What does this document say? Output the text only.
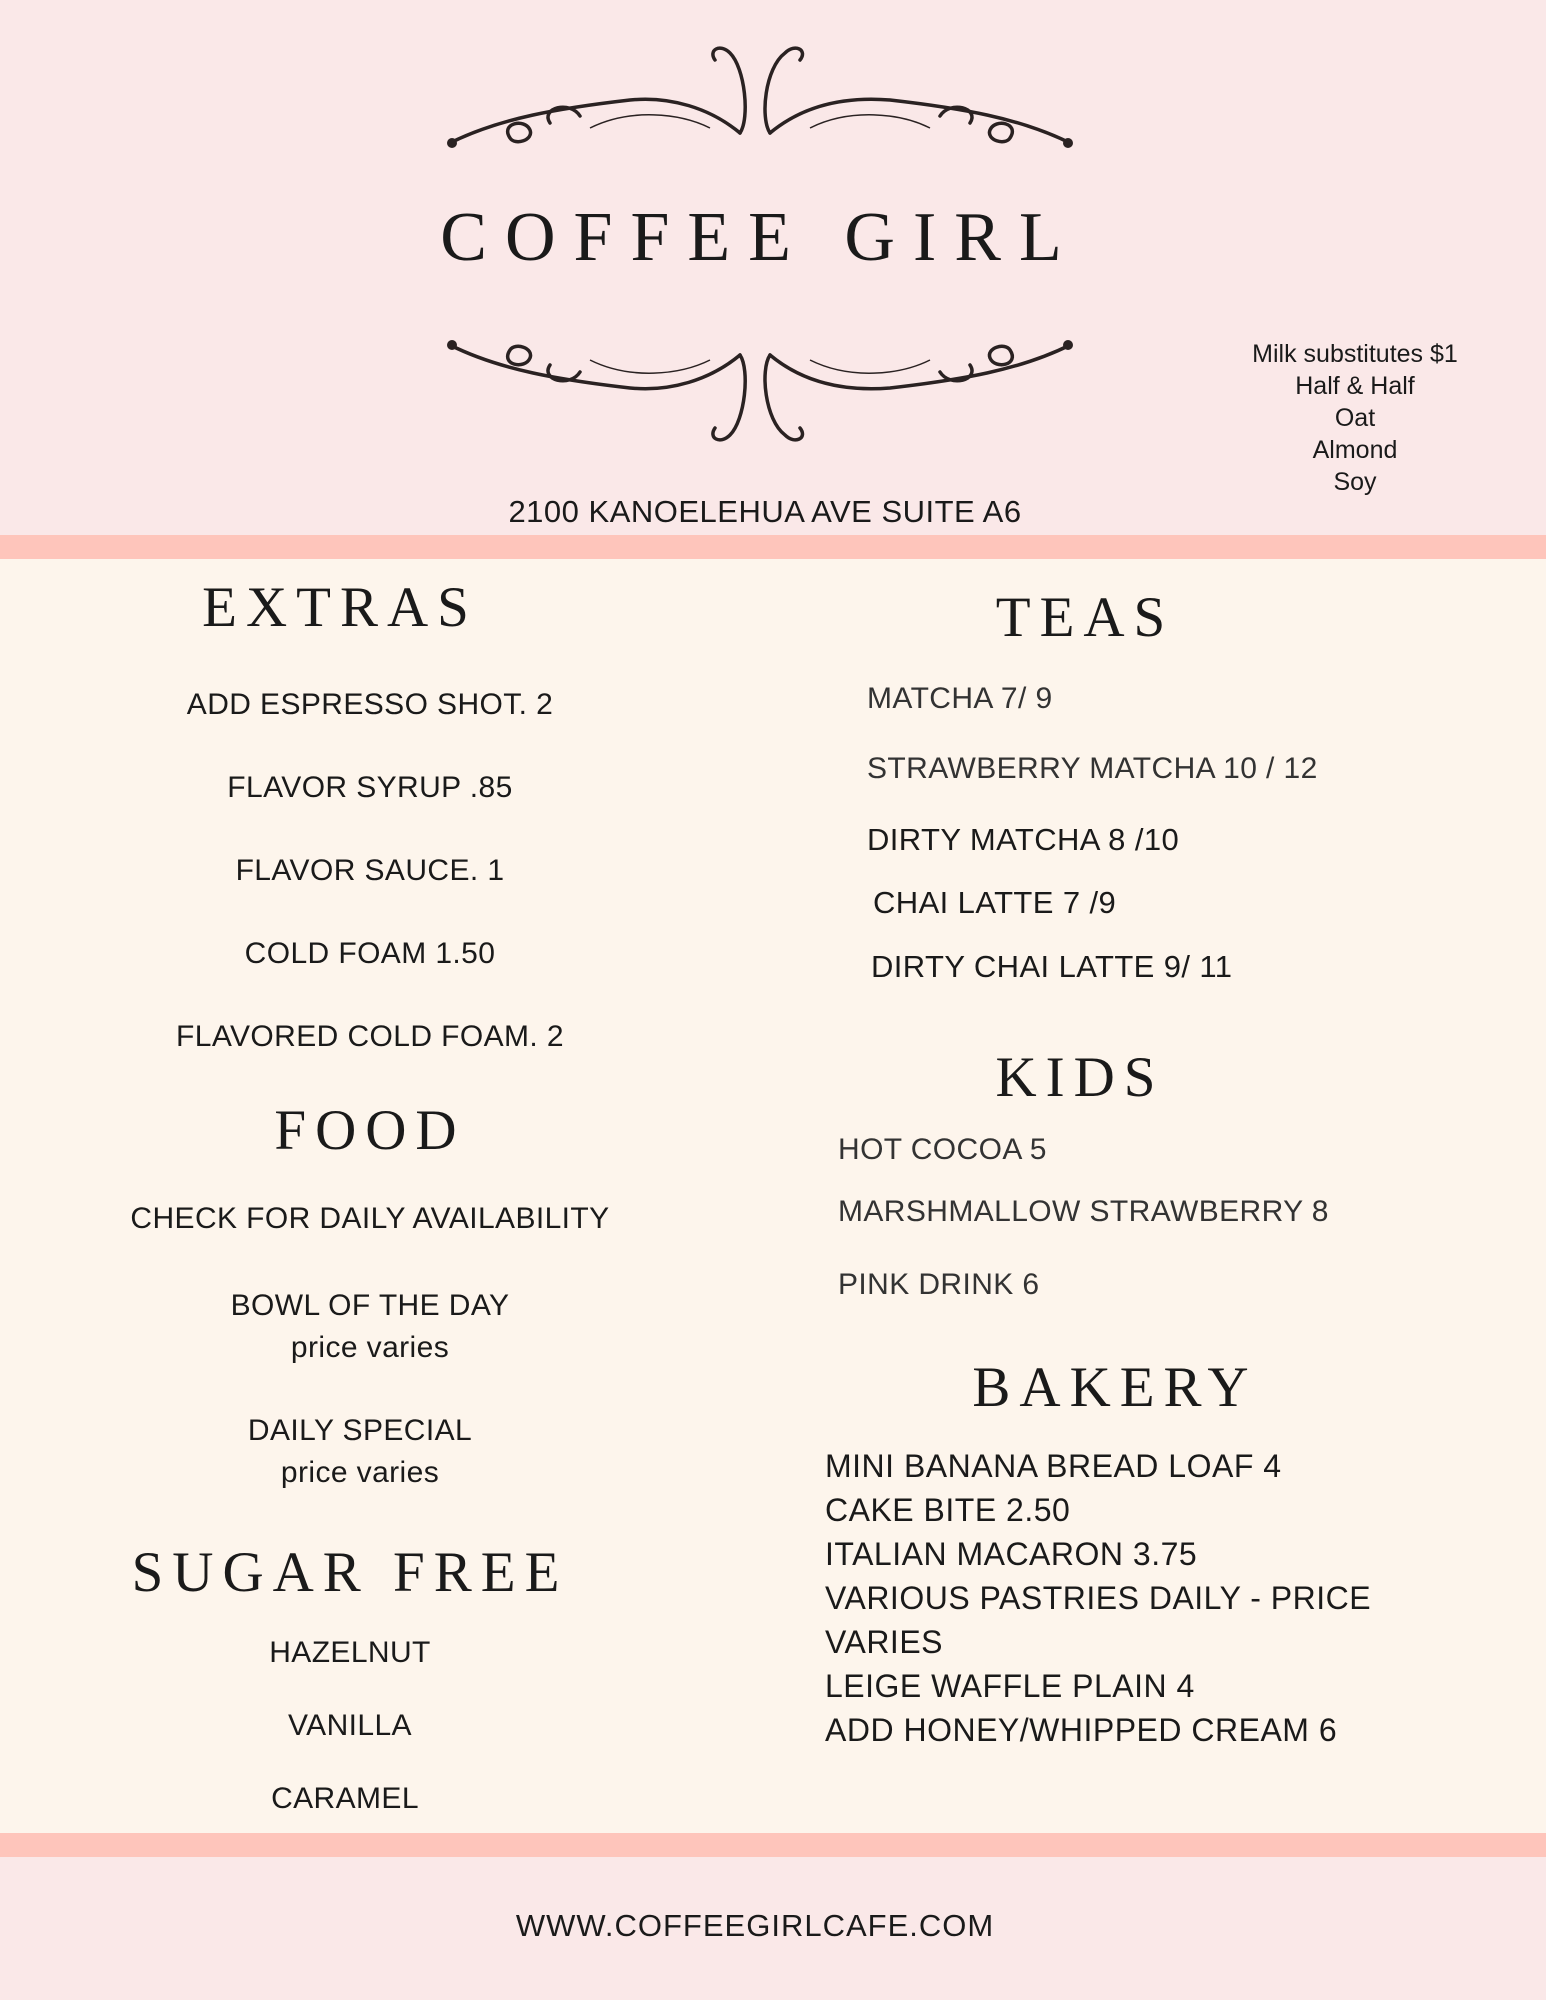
COFFEE GIRL
Milk substitutes $1
Half & Half
Oat
Almond
Soy
2100 KANOELEHUA AVE SUITE A6
EXTRAS

ADD ESPRESSO SHOT. 2

FLAVOR SYRUP .85

FLAVOR SAUCE. 1

COLD FOAM 1.50

FLAVORED COLD FOAM. 2

FOOD

CHECK FOR DAILY AVAILABILITY

BOWL OF THE DAY
price varies
DAILY SPECIAL
price varies
SUGAR FREE

HAZELNUT

VANILLA

CARAMEL

TEAS

MATCHA 7/ 9

STRAWBERRY MATCHA 10 / 12

DIRTY MATCHA 8 /10

CHAI LATTE 7 /9

DIRTY CHAI LATTE 9/ 11

KIDS

HOT COCOA 5

MARSHMALLOW STRAWBERRY 8

PINK DRINK 6

BAKERY
MINI BANANA BREAD LOAF 4
CAKE BITE 2.50
ITALIAN MACARON 3.75
VARIOUS PASTRIES DAILY - PRICE
VARIES
LEIGE WAFFLE PLAIN 4
ADD HONEY/WHIPPED CREAM 6
WWW.COFFEEGIRLCAFE.COM
